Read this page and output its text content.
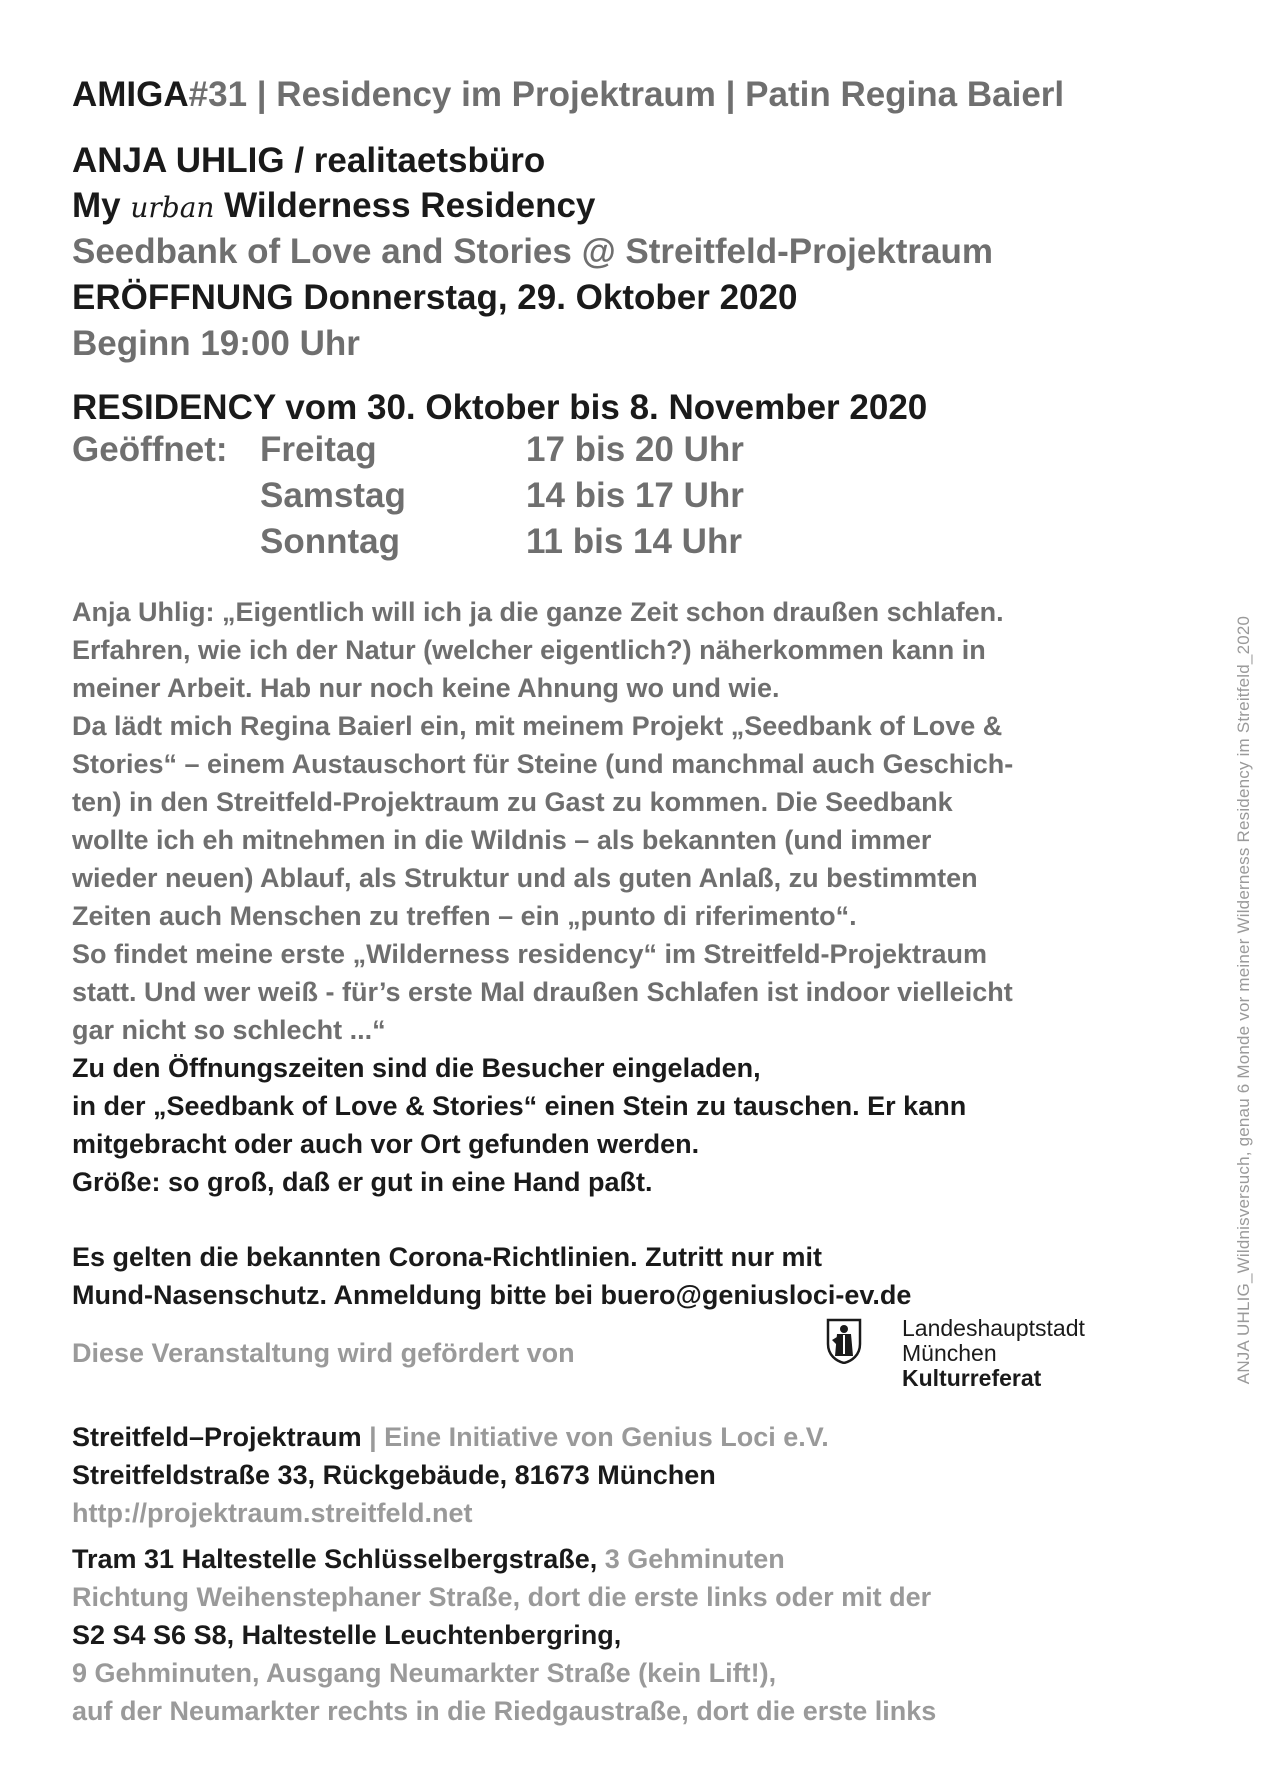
AMIGA#31 | Residency im Projektraum | Patin Regina Baierl
ANJA UHLIG / realitaetsbüro
My urban Wilderness Residency
Seedbank of Love and Stories @ Streitfeld-Projektraum
ERÖFFNUNG Donnerstag, 29. Oktober 2020
Beginn 19:00 Uhr
RESIDENCY vom 30. Oktober bis 8. November 2020
Geöffnet: Freitag	17 bis 20 Uhr
Samstag	14 bis 17 Uhr
Sonntag	11 bis 14 Uhr
Anja Uhlig: „Eigentlich will ich ja die ganze Zeit schon draußen schlafen.
Erfahren, wie ich der Natur (welcher eigentlich?) näherkommen kann in
meiner Arbeit. Hab nur noch keine Ahnung wo und wie.
Da lädt mich Regina Baierl ein, mit meinem Projekt „Seedbank of Love &
Stories“ – einem Austauschort für Steine (und manchmal auch Geschich-
ten) in den Streitfeld-Projektraum zu Gast zu kommen. Die Seedbank
wollte ich eh mitnehmen in die Wildnis – als bekannten (und immer
wieder neuen) Ablauf, als Struktur und als guten Anlaß, zu bestimmten
Zeiten auch Menschen zu treffen – ein „punto di riferimento“.
So findet meine erste „Wilderness residency“ im Streitfeld-Projektraum
statt. Und wer weiß - für’s erste Mal draußen Schlafen ist indoor vielleicht
gar nicht so schlecht ...“
Zu den Öffnungszeiten sind die Besucher eingeladen,
in der „Seedbank of Love & Stories“ einen Stein zu tauschen. Er kann
mitgebracht oder auch vor Ort gefunden werden.
Größe: so groß, daß er gut in eine Hand paßt.
Es gelten die bekannten Corona-Richtlinien. Zutritt nur mit
Mund-Nasenschutz. Anmeldung bitte bei buero@geniusloci-ev.de
Diese Veranstaltung wird gefördert von
Landeshauptstadt
München
Kulturreferat
Streitfeld–Projektraum | Eine Initiative von Genius Loci e.V.
Streitfeldstraße 33, Rückgebäude, 81673 München
http://projektraum.streitfeld.net
Tram 31 Haltestelle Schlüsselbergstraße, 3 Gehminuten
Richtung Weihenstephaner Straße, dort die erste links oder mit der
S2 S4 S6 S8, Haltestelle Leuchtenbergring,
9 Gehminuten, Ausgang Neumarkter Straße (kein Lift!),
auf der Neumarkter rechts in die Riedgaustraße, dort die erste links
ANJA UHLIG_Wildnisversuch, genau 6 Monde vor meiner Wilderness Residency im Streitfeld_2020
